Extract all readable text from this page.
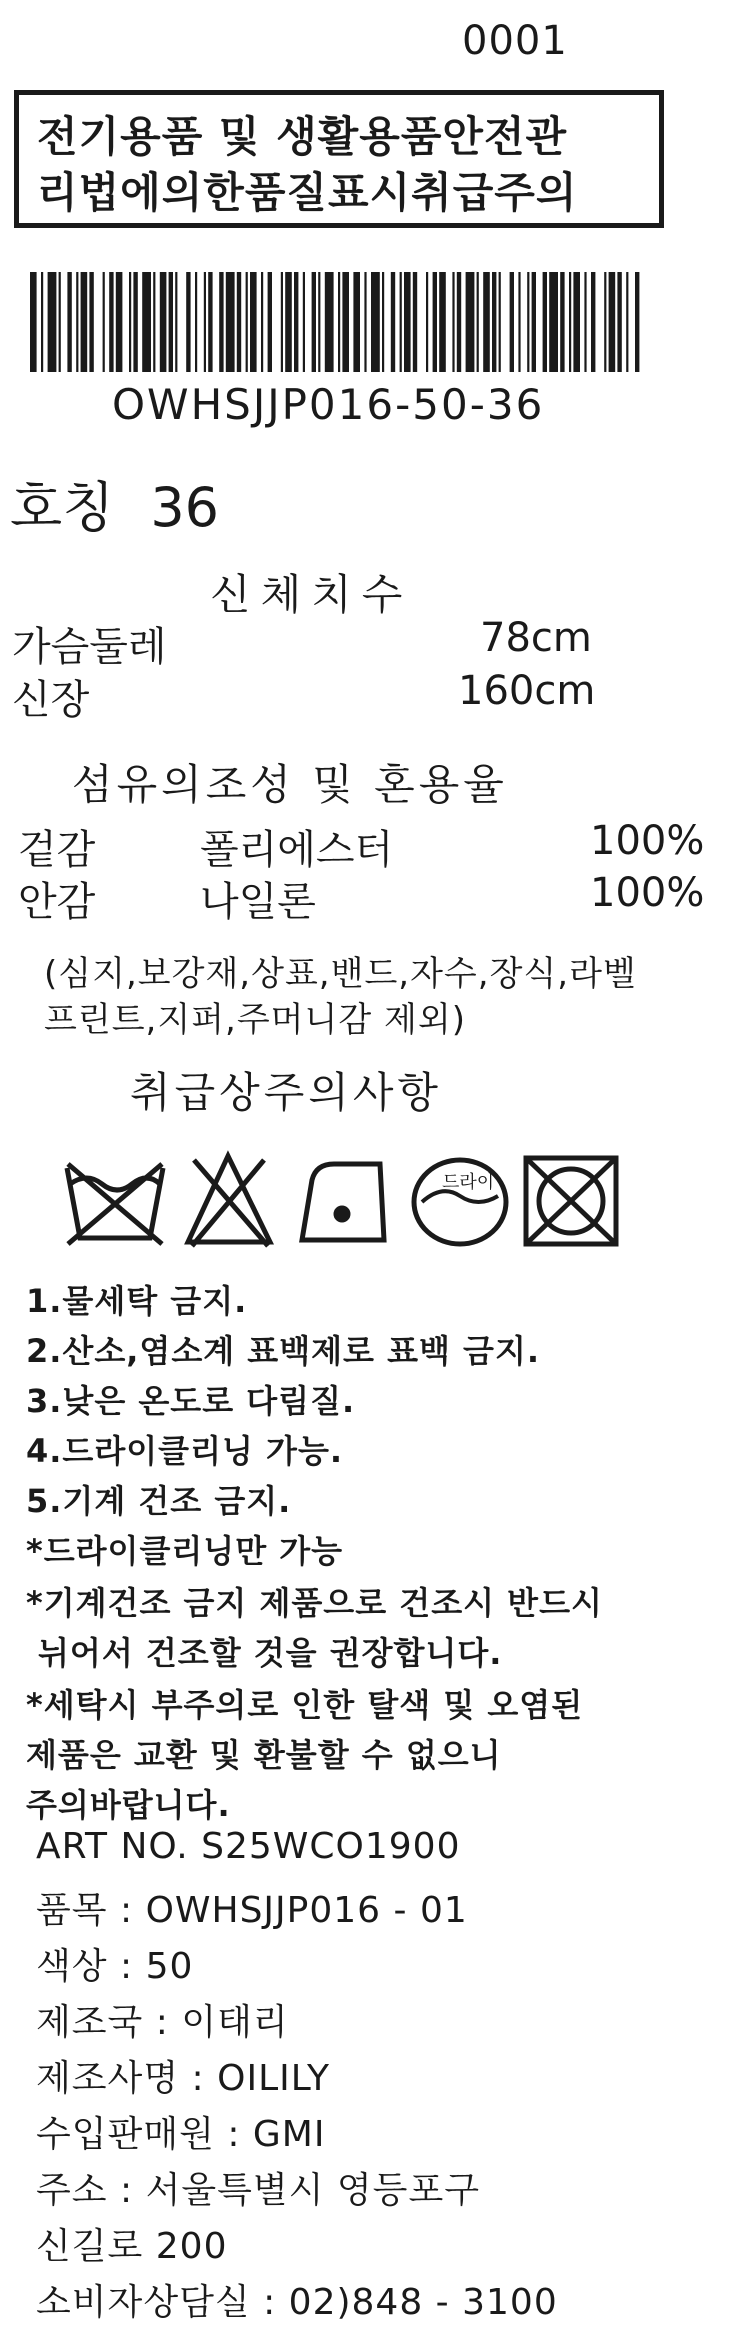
0001
전기용품 및 생활용품안전관
리법에의한품질표시취급주의
OWHSJJP016-50-36
호칭 36
신체치수
가슴둘레	78cm
신장	160cm
섬유의조성 및 혼용율
겉감	폴리에스터	100%
안감	나일론	100%
(심지,보강재,상표,밴드,자수,장식,라벨
프린트,지퍼,주머니감 제외)
취급상주의사항
드라이
1.물세탁 금지.
2.산소,염소계 표백제로 표백 금지.
3.낮은 온도로 다림질.
4.드라이클리닝 가능.
5.기계 건조 금지.
*드라이클리닝만 가능
*기계건조 금지 제품으로 건조시 반드시
뉘어서 건조할 것을 권장합니다.
*세탁시 부주의로 인한 탈색 및 오염된
제품은 교환 및 환불할 수 없으니
주의바랍니다.
ART NO. S25WCO1900
품목 : OWHSJJP016 - 01
색상 : 50
제조국 : 이태리
제조사명 : OILILY
수입판매원 : GMI
주소 : 서울특별시 영등포구
신길로 200
소비자상담실 : 02)848 - 3100
